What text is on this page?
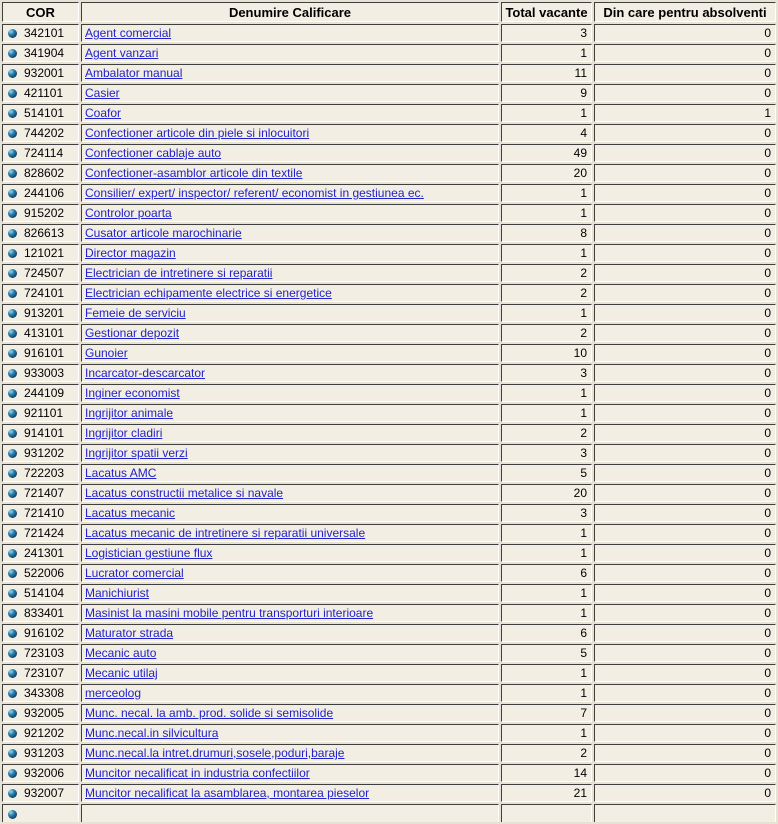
COR	Denumire Calificare	Total vacante	Din care pentru absolventi
342101	Agent comercial	3	0
341904	Agent vanzari	1	0
932001	Ambalator manual	11	0
421101	Casier	9	0
514101	Coafor	1	1
744202	Confectioner articole din piele si inlocuitori	4	0
724114	Confectioner cablaje auto	49	0
828602	Confectioner-asamblor articole din textile	20	0
244106	Consilier/ expert/ inspector/ referent/ economist in gestiunea ec.	1	0
915202	Controlor poarta	1	0
826613	Cusator articole marochinarie	8	0
121021	Director magazin	1	0
724507	Electrician de intretinere si reparatii	2	0
724101	Electrician echipamente electrice si energetice	2	0
913201	Femeie de serviciu	1	0
413101	Gestionar depozit	2	0
916101	Gunoier	10	0
933003	Incarcator-descarcator	3	0
244109	Inginer economist	1	0
921101	Ingrijitor animale	1	0
914101	Ingrijitor cladiri	2	0
931202	Ingrijitor spatii verzi	3	0
722203	Lacatus AMC	5	0
721407	Lacatus constructii metalice si navale	20	0
721410	Lacatus mecanic	3	0
721424	Lacatus mecanic de intretinere si reparatii universale	1	0
241301	Logistician gestiune flux	1	0
522006	Lucrator comercial	6	0
514104	Manichiurist	1	0
833401	Masinist la masini mobile pentru transporturi interioare	1	0
916102	Maturator strada	6	0
723103	Mecanic auto	5	0
723107	Mecanic utilaj	1	0
343308	merceolog	1	0
932005	Munc. necal. la amb. prod. solide si semisolide	7	0
921202	Munc.necal.in silvicultura	1	0
931203	Munc.necal.la intret.drumuri,sosele,poduri,baraje	2	0
932006	Muncitor necalificat in industria confectiilor	14	0
932007	Muncitor necalificat la asamblarea, montarea pieselor	21	0
